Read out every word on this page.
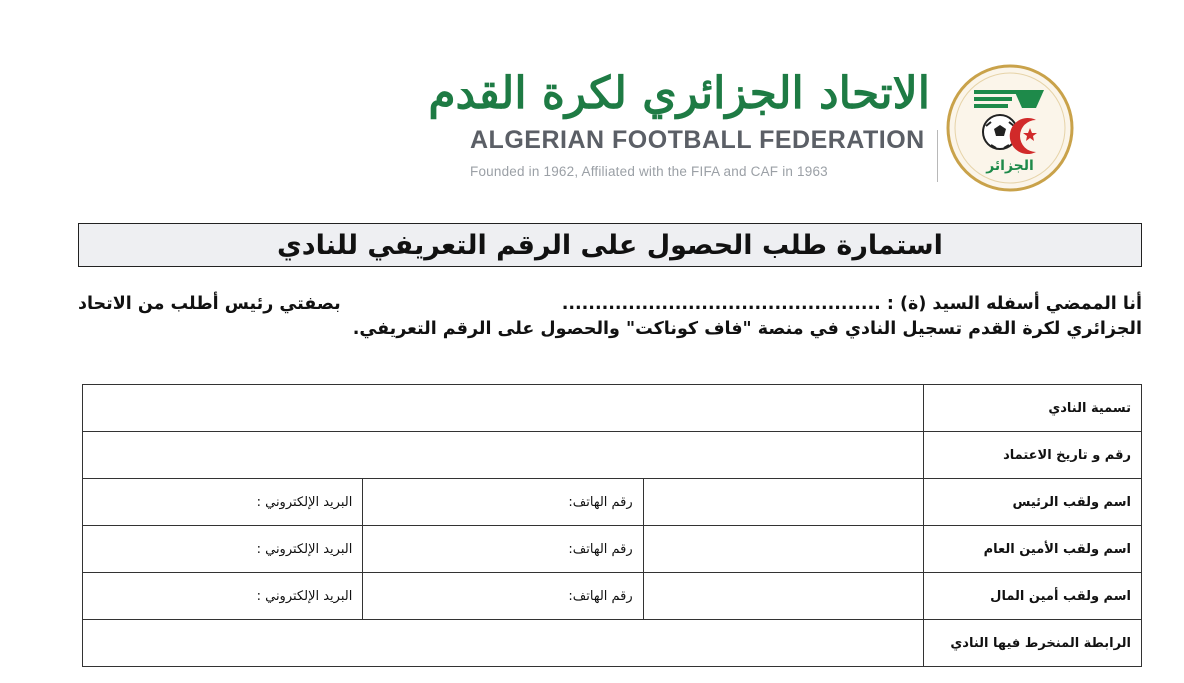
الجزائر
الاتحاد الجزائري لكرة القدم
ALGERIAN FOOTBALL FEDERATION
Founded in 1962, Affiliated with the FIFA and CAF in 1963
استمارة طلب الحصول على الرقم التعريفي للنادي
أنا الممضي أسفله السيد (ة) : ................................................
بصفتي رئيس أطلب من الاتحاد
الجزائري لكرة القدم تسجيل النادي في منصة "فاف كوناكت" والحصول على الرقم التعريفي.
تسمية النادي			
رقم و تاريخ الاعتماد			
اسم ولقب الرئيس		رقم الهاتف:	البريد الإلكتروني :
اسم ولقب الأمين العام		رقم الهاتف:	البريد الإلكتروني :
اسم ولقب أمين المال		رقم الهاتف:	البريد الإلكتروني :
الرابطة المنخرط فيها النادي			
